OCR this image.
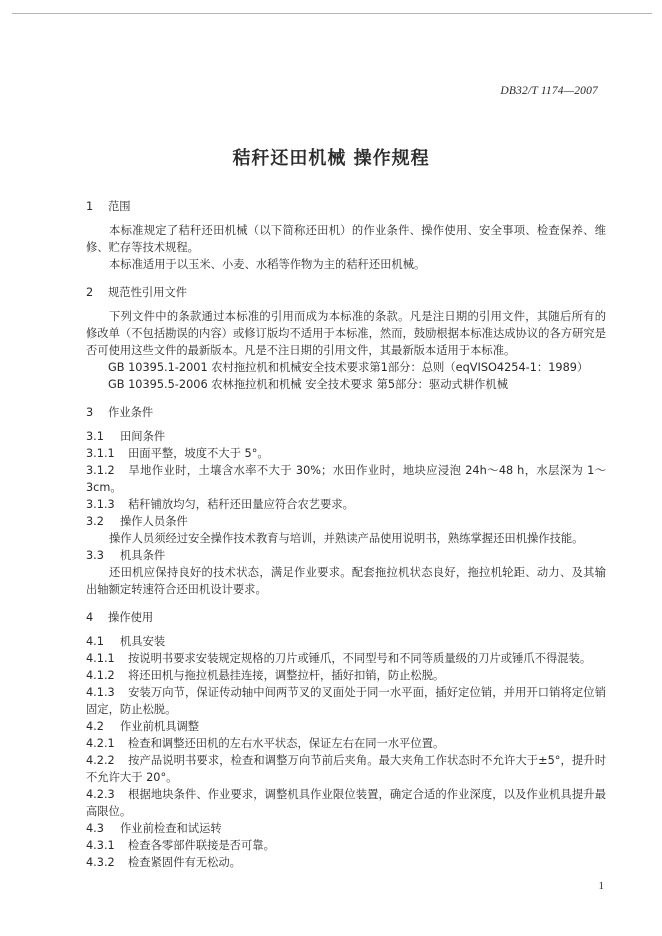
DB32/T 1174—2007
秸秆还田机械 操作规程

1 范围

本标准规定了秸秆还田机械（以下简称还田机）的作业条件、操作使用、安全事项、检查保养、维修、贮存等技术规程。

本标准适用于以玉米、小麦、水稻等作物为主的秸秆还田机械。

2 规范性引用文件

下列文件中的条款通过本标准的引用而成为本标准的条款。凡是注日期的引用文件，其随后所有的修改单（不包括勘误的内容）或修订版均不适用于本标准，然而，鼓励根据本标准达成协议的各方研究是否可使用这些文件的最新版本。凡是不注日期的引用文件，其最新版本适用于本标准。

GB 10395.1-2001 农村拖拉机和机械安全技术要求第1部分：总则（eqVISO4254-1：1989）

GB 10395.5-2006 农林拖拉机和机械 安全技术要求 第5部分：驱动式耕作机械

3 作业条件

3.1 田间条件

3.1.1 田面平整，坡度不大于 5°。

3.1.2 旱地作业时，土壤含水率不大于 30%；水田作业时，地块应浸泡 24h～48 h，水层深为 1～3cm。

3.1.3 秸秆铺放均匀，秸秆还田量应符合农艺要求。

3.2 操作人员条件

操作人员须经过安全操作技术教育与培训，并熟读产品使用说明书，熟练掌握还田机操作技能。

3.3 机具条件

还田机应保持良好的技术状态，满足作业要求。配套拖拉机状态良好，拖拉机轮距、动力、及其输出轴额定转速符合还田机设计要求。

4 操作使用

4.1 机具安装

4.1.1 按说明书要求安装规定规格的刀片或锤爪，不同型号和不同等质量级的刀片或锤爪不得混装。

4.1.2 将还田机与拖拉机悬挂连接，调整拉杆，插好扣销，防止松脱。

4.1.3 安装万向节，保证传动轴中间两节叉的叉面处于同一水平面，插好定位销，并用开口销将定位销固定，防止松脱。

4.2 作业前机具调整

4.2.1 检查和调整还田机的左右水平状态，保证左右在同一水平位置。

4.2.2 按产品说明书要求，检查和调整万向节前后夹角。最大夹角工作状态时不允许大于±5°，提升时不允许大于 20°。

4.2.3 根据地块条件、作业要求，调整机具作业限位装置，确定合适的作业深度，以及作业机具提升最高限位。

4.3 作业前检查和试运转

4.3.1 检查各零部件联接是否可靠。

4.3.2 检查紧固件有无松动。

1
